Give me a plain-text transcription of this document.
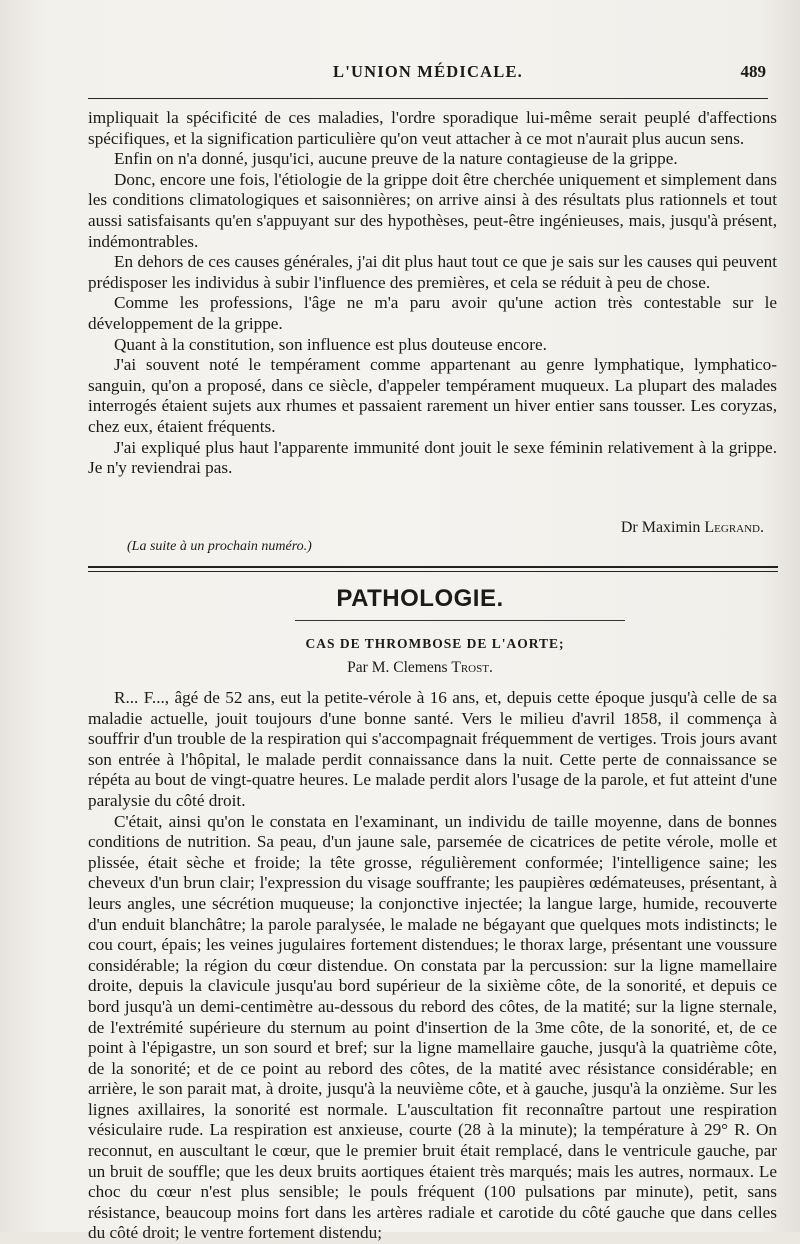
L'UNION MÉDICALE.	489

impliquait la spécificité de ces maladies, l'ordre sporadique lui-même serait peuplé d'affections spécifiques, et la signification particulière qu'on veut attacher à ce mot n'aurait plus aucun sens.

Enfin on n'a donné, jusqu'ici, aucune preuve de la nature contagieuse de la grippe.

Donc, encore une fois, l'étiologie de la grippe doit être cherchée uniquement et simplement dans les conditions climatologiques et saisonnières; on arrive ainsi à des résultats plus rationnels et tout aussi satisfaisants qu'en s'appuyant sur des hypothèses, peut-être ingénieuses, mais, jusqu'à présent, indémontrables.

En dehors de ces causes générales, j'ai dit plus haut tout ce que je sais sur les causes qui peuvent prédisposer les individus à subir l'influence des premières, et cela se réduit à peu de chose.

Comme les professions, l'âge ne m'a paru avoir qu'une action très contestable sur le développement de la grippe.

Quant à la constitution, son influence est plus douteuse encore.

J'ai souvent noté le tempérament comme appartenant au genre lymphatique, lymphatico-sanguin, qu'on a proposé, dans ce siècle, d'appeler tempérament muqueux. La plupart des malades interrogés étaient sujets aux rhumes et passaient rarement un hiver entier sans tousser. Les coryzas, chez eux, étaient fréquents.

J'ai expliqué plus haut l'apparente immunité dont jouit le sexe féminin relativement à la grippe. Je n'y reviendrai pas.

Dr Maximin Legrand.
(La suite à un prochain numéro.)
PATHOLOGIE.
CAS DE THROMBOSE DE L'AORTE;
Par M. Clemens Trost.

R... F..., âgé de 52 ans, eut la petite-vérole à 16 ans, et, depuis cette époque jusqu'à celle de sa maladie actuelle, jouit toujours d'une bonne santé. Vers le milieu d'avril 1858, il commença à souffrir d'un trouble de la respiration qui s'accompagnait fréquemment de vertiges. Trois jours avant son entrée à l'hôpital, le malade perdit connaissance dans la nuit. Cette perte de connaissance se répéta au bout de vingt-quatre heures. Le malade perdit alors l'usage de la parole, et fut atteint d'une paralysie du côté droit.

C'était, ainsi qu'on le constata en l'examinant, un individu de taille moyenne, dans de bonnes conditions de nutrition. Sa peau, d'un jaune sale, parsemée de cicatrices de petite vérole, molle et plissée, était sèche et froide; la tête grosse, régulièrement conformée; l'intelligence saine; les cheveux d'un brun clair; l'expression du visage souffrante; les paupières œdémateuses, présentant, à leurs angles, une sécrétion muqueuse; la conjonctive injectée; la langue large, humide, recouverte d'un enduit blanchâtre; la parole paralysée, le malade ne bégayant que quelques mots indistincts; le cou court, épais; les veines jugulaires fortement distendues; le thorax large, présentant une voussure considérable; la région du cœur distendue. On constata par la percussion: sur la ligne mamellaire droite, depuis la clavicule jusqu'au bord supérieur de la sixième côte, de la sonorité, et depuis ce bord jusqu'à un demi-centimètre au-dessous du rebord des côtes, de la matité; sur la ligne sternale, de l'extrémité supérieure du sternum au point d'insertion de la 3me côte, de la sonorité, et, de ce point à l'épigastre, un son sourd et bref; sur la ligne mamellaire gauche, jusqu'à la quatrième côte, de la sonorité; et de ce point au rebord des côtes, de la matité avec résistance considérable; en arrière, le son parait mat, à droite, jusqu'à la neuvième côte, et à gauche, jusqu'à la onzième. Sur les lignes axillaires, la sonorité est normale. L'auscultation fit reconnaître partout une respiration vésiculaire rude. La respiration est anxieuse, courte (28 à la minute); la température à 29° R. On reconnut, en auscultant le cœur, que le premier bruit était remplacé, dans le ventricule gauche, par un bruit de souffle; que les deux bruits aortiques étaient très marqués; mais les autres, normaux. Le choc du cœur n'est plus sensible; le pouls fréquent (100 pulsations par minute), petit, sans résistance, beaucoup moins fort dans les artères radiale et carotide du côté gauche que dans celles du côté droit; le ventre fortement distendu;
